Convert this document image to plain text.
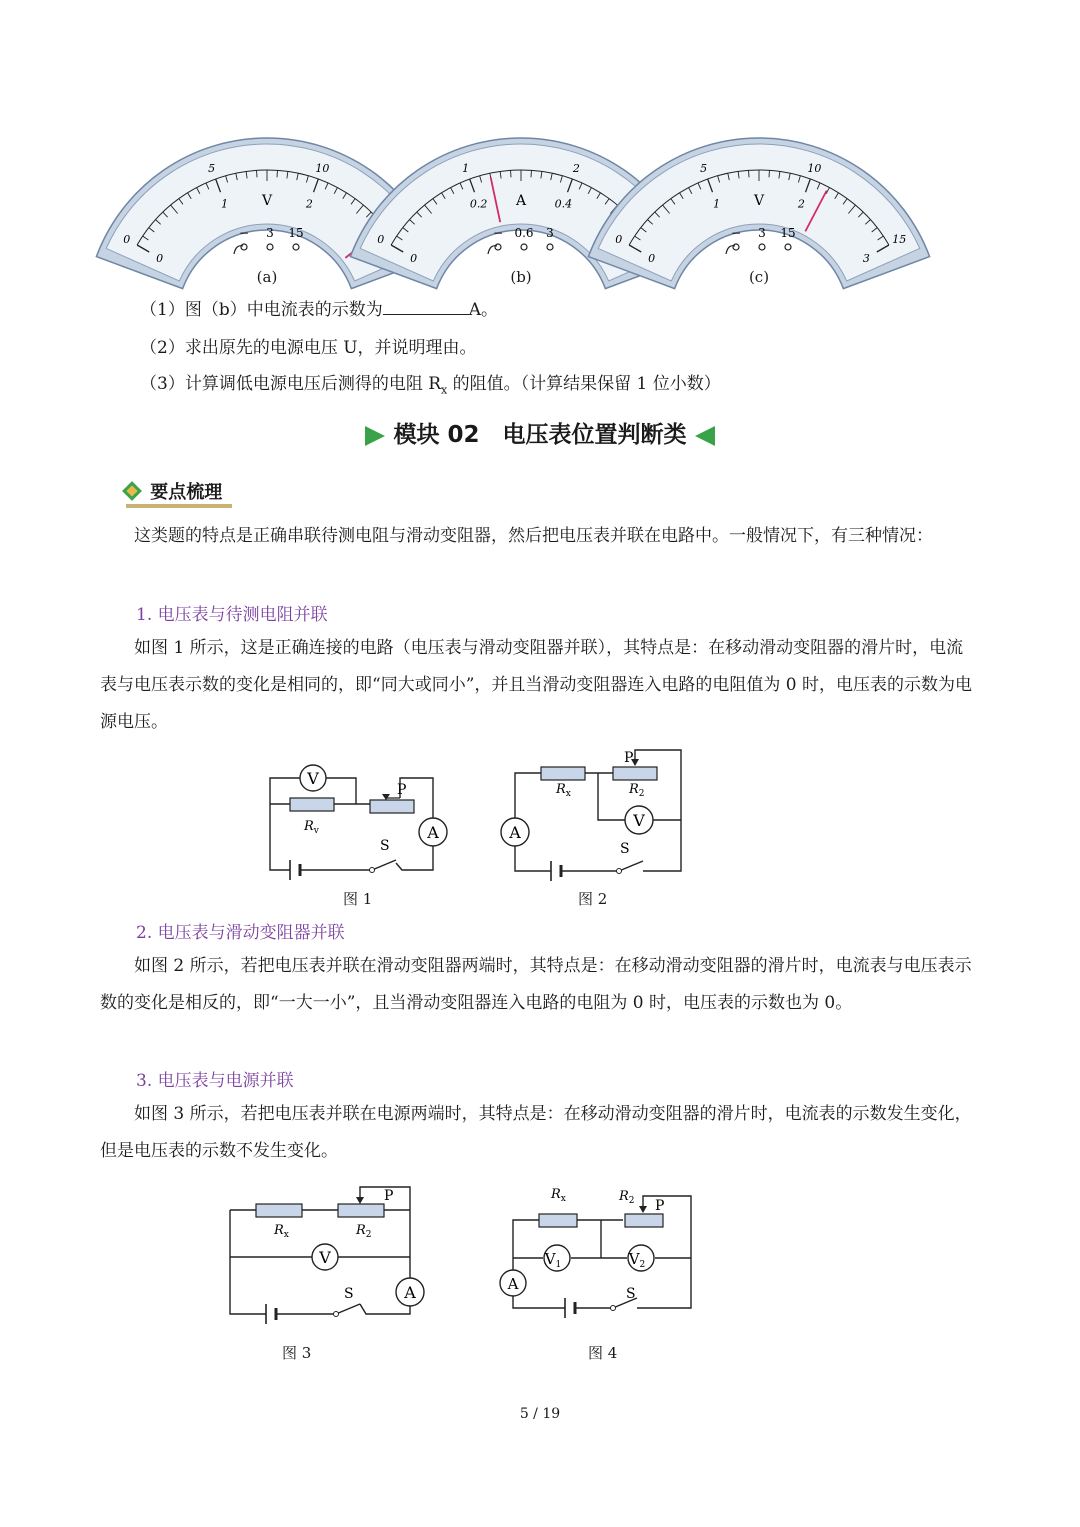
0
5	10
0
1	2
V
− 3 15	0
1	2
0
0.2	0.4
A
− 0.6 3	0
5	10
15
0
1	2
3
V
− 3 15
(a)	(b)	(c)
（1）图（b）中电流表的示数为	A。
（2）求出原先的电源电压 U，并说明理由。
（3）计算调低电源电压后测得的电阻 $R_x$ 的阻值。（计算结果保留 1 位小数）
模块 02　电压表位置判断类

要点梳理
这类题的特点是正确串联待测电阻与滑动变阻器，然后把电压表并联在电路中。一般情况下，有三种情况：
1. 电压表与待测电阻并联
如图 1 所示，这是正确连接的电路（电压表与滑动变阻器并联），其特点是：在移动滑动变阻器的滑片时，电流表与电压表示数的变化是相同的，即“同大或同小”，并且当滑动变阻器连入电路的电阻值为 0 时，电压表的示数为电源电压。
2. 电压表与滑动变阻器并联
如图 2 所示，若把电压表并联在滑动变阻器两端时，其特点是：在移动滑动变阻器的滑片时，电流表与电压表示数的变化是相反的，即“一大一小”，且当滑动变阻器连入电路的电阻为 0 时，电压表的示数也为 0。
3. 电压表与电源并联
如图 3 所示，若把电压表并联在电源两端时，其特点是：在移动滑动变阻器的滑片时，电流表的示数发生变化，但是电压表的示数不发生变化。
V
A
P
$R_v$
S
图 1
A
V
P
$R_x$	$R_2$
S
图 2
V
A
P
$R_x$	$R_2$
S
图 3
$V_1$	$V_2$
A
P
$R_x$	$R_2$
S
图 4
5 / 19
